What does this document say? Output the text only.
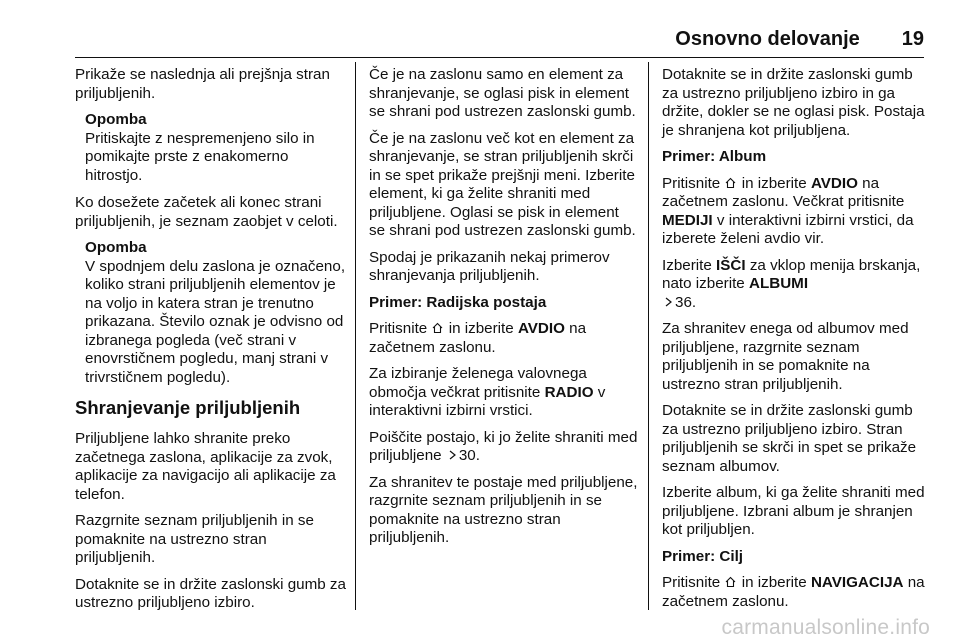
Osnovno delovanje 19

Prikaže se naslednja ali prejšnja stran priljubljenih.

Opomba

Pritiskajte z nespremenjeno silo in pomikajte prste z enakomerno hitrostjo.

Ko dosežete začetek ali konec strani priljubljenih, je seznam zaobjet v celoti.

Opomba

V spodnjem delu zaslona je označeno, koliko strani priljubljenih elementov je na voljo in katera stran je trenutno prikazana. Število oznak je odvisno od izbranega pogleda (več strani v enovrstičnem pogledu, manj strani v trivrstičnem pogledu).

Shranjevanje priljubljenih

Priljubljene lahko shranite preko začetnega zaslona, aplikacije za zvok, aplikacije za navigacijo ali aplikacije za telefon.

Razgrnite seznam priljubljenih in se pomaknite na ustrezno stran priljubljenih.

Dotaknite se in držite zaslonski gumb za ustrezno priljubljeno izbiro.

Če je na zaslonu samo en element za shranjevanje, se oglasi pisk in element se shrani pod ustrezen zaslonski gumb.

Če je na zaslonu več kot en element za shranjevanje, se stran priljubljenih skrči in se spet prikaže prejšnji meni. Izberite element, ki ga želite shraniti med priljubljene. Oglasi se pisk in element se shrani pod ustrezen zaslonski gumb.

Spodaj je prikazanih nekaj primerov shranjevanja priljubljenih.

Primer: Radijska postaja

Pritisnite in izberite AVDIO na začetnem zaslonu.

Za izbiranje želenega valovnega območja večkrat pritisnite RADIO v interaktivni izbirni vrstici.

Poiščite postajo, ki jo želite shraniti med priljubljene 30.

Za shranitev te postaje med priljubljene, razgrnite seznam priljubljenih in se pomaknite na ustrezno stran priljubljenih.

Dotaknite se in držite zaslonski gumb za ustrezno priljubljeno izbiro in ga držite, dokler se ne oglasi pisk. Postaja je shranjena kot priljubljena.

Primer: Album

Pritisnite in izberite AVDIO na začetnem zaslonu. Večkrat pritisnite MEDIJI v interaktivni izbirni vrstici, da izberete želeni avdio vir.

Izberite IŠČI za vklop menija brskanja, nato izberite ALBUMI
36.

Za shranitev enega od albumov med priljubljene, razgrnite seznam priljubljenih in se pomaknite na ustrezno stran priljubljenih.

Dotaknite se in držite zaslonski gumb za ustrezno priljubljeno izbiro. Stran priljubljenih se skrči in spet se prikaže seznam albumov.

Izberite album, ki ga želite shraniti med priljubljene. Izbrani album je shranjen kot priljubljen.

Primer: Cilj

Pritisnite in izberite NAVIGACIJA na začetnem zaslonu.

carmanualsonline.info
